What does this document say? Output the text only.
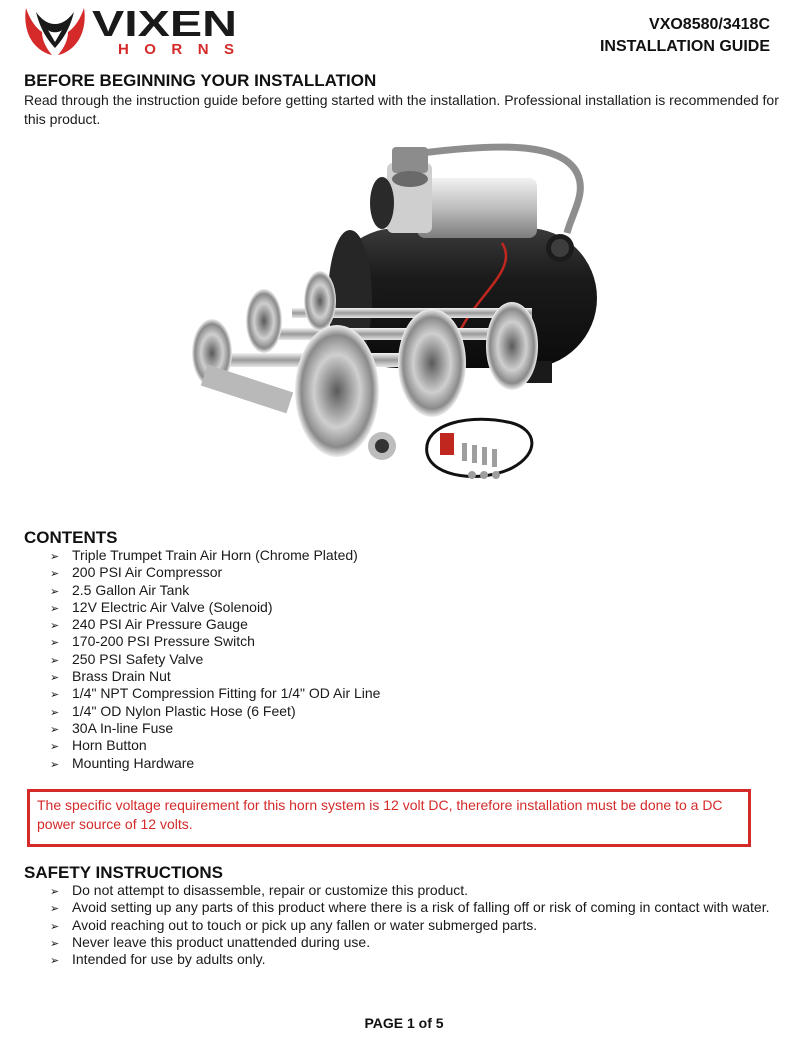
VIXEN
HORNS
VXO8580/3418C
INSTALLATION GUIDE
BEFORE BEGINNING YOUR INSTALLATION

Read through the instruction guide before getting started with the installation. Professional installation is recommended for this product.

CONTENTS
➢ Triple Trumpet Train Air Horn (Chrome Plated)
➢ 200 PSI Air Compressor
➢ 2.5 Gallon Air Tank
➢ 12V Electric Air Valve (Solenoid)
➢ 240 PSI Air Pressure Gauge
➢ 170-200 PSI Pressure Switch
➢ 250 PSI Safety Valve
➢ Brass Drain Nut
➢ 1/4" NPT Compression Fitting for 1/4" OD Air Line
➢ 1/4" OD Nylon Plastic Hose (6 Feet)
➢ 30A In-line Fuse
➢ Horn Button
➢ Mounting Hardware
The specific voltage requirement for this horn system is 12 volt DC, therefore installation must be done to a DC power source of 12 volts.
SAFETY INSTRUCTIONS
➢ Do not attempt to disassemble, repair or customize this product.
➢ Avoid setting up any parts of this product where there is a risk of falling off or risk of coming in contact with water.
➢ Avoid reaching out to touch or pick up any fallen or water submerged parts.
➢ Never leave this product unattended during use.
➢ Intended for use by adults only.
PAGE 1 of 5
